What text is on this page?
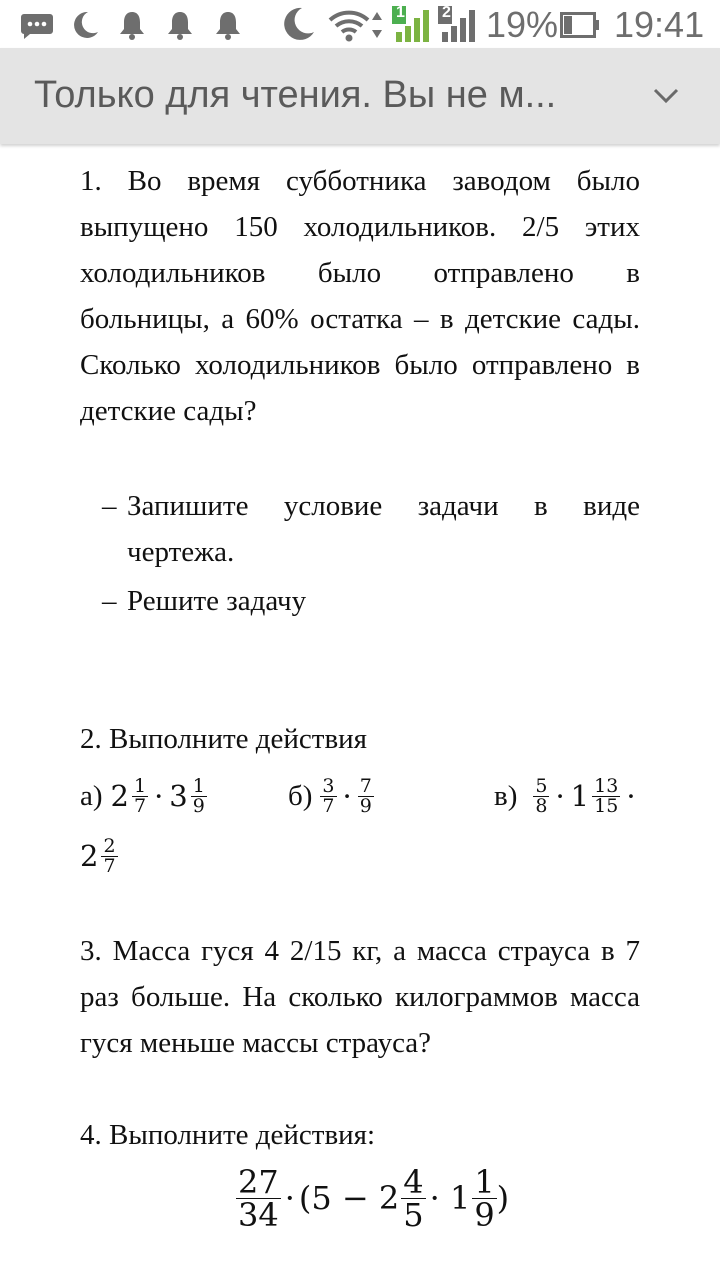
1 2 19% 19:41
Только для чтения. Вы не м...
1. Во время субботника заводом было выпущено 150 холодильников. 2/5 этих холодильников было отправлено в больницы, а 60% остатка – в детские сады. Сколько холодильников было отправлено в детские сады?
– Запишите условие задачи в виде чертежа.
– Решите задачу
2. Выполните действия
а) $2 \frac{1}{7} \cdot 3 \frac{1}{9}$	$б) \frac{3}{7} \cdot \frac{7}{9}$	$в) \frac{5}{8} \cdot 1 \frac{13}{15}$ ·
$2 \frac{2}{7}$
3. Масса гуся 4 2/15 кг, а масса страуса в 7 раз больше. На сколько килограммов масса гуся меньше массы страуса?
4. Выполните действия:
$\frac{27}{34} \cdot (5 - 2 \frac{4}{5} \cdot 1 \frac{1}{9}$ )
